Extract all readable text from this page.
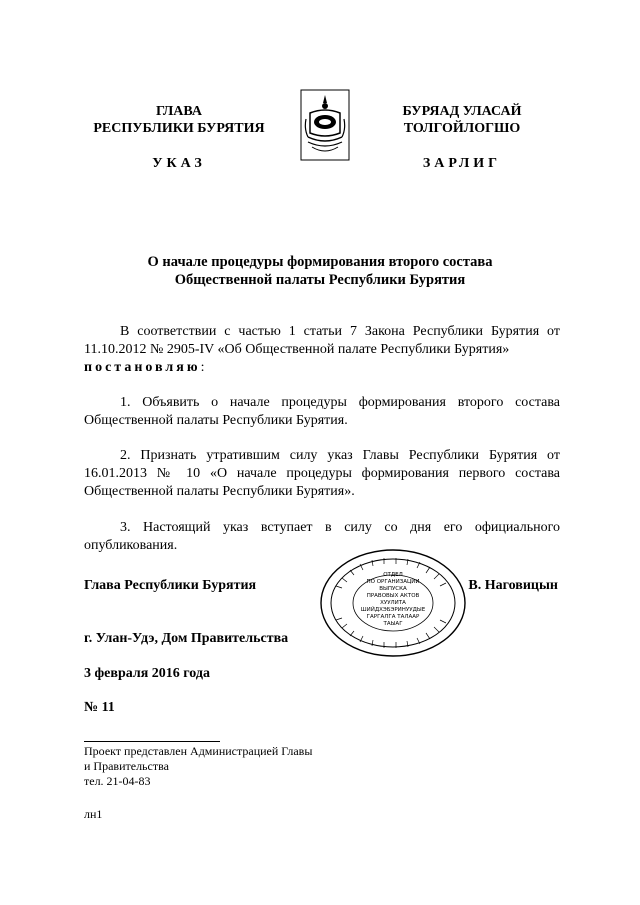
ГЛАВА
РЕСПУБЛИКИ БУРЯТИЯ
УКАЗ
БУРЯАД УЛАСАЙ
ТОЛГОЙЛОГШО
ЗАРЛИГ
О начале процедуры формирования второго состава
Общественной палаты Республики Бурятия
В соответствии с частью 1 статьи 7 Закона Республики Бурятия от 11.10.2012 № 2905-IV «Об Общественной палате Республики Бурятия»
постановляю:
1. Объявить о начале процедуры формирования второго состава Общественной палаты Республики Бурятия.
2. Признать утратившим силу указ Главы Республики Бурятия от 16.01.2013 № 10 «О начале процедуры формирования первого состава Общественной палаты Республики Бурятия».
3. Настоящий указ вступает в силу со дня его официального опубликования.
ОТДЕЛ
ПО ОРГАНИЗАЦИИ
ВЫПУСКА
ПРАВОВЫХ АКТОВ
ХУУЛИТА
ШИЙДХЭБЭРИНУУДЫЕ
ГАРГАЛГА ТАЛААР
ТАЫАГ
Глава Республики Бурятия	В. Наговицын
г. Улан-Удэ, Дом Правительства
3 февраля 2016 года
№ 11
Проект представлен Администрацией Главы
и Правительства
тел. 21-04-83
лн1
